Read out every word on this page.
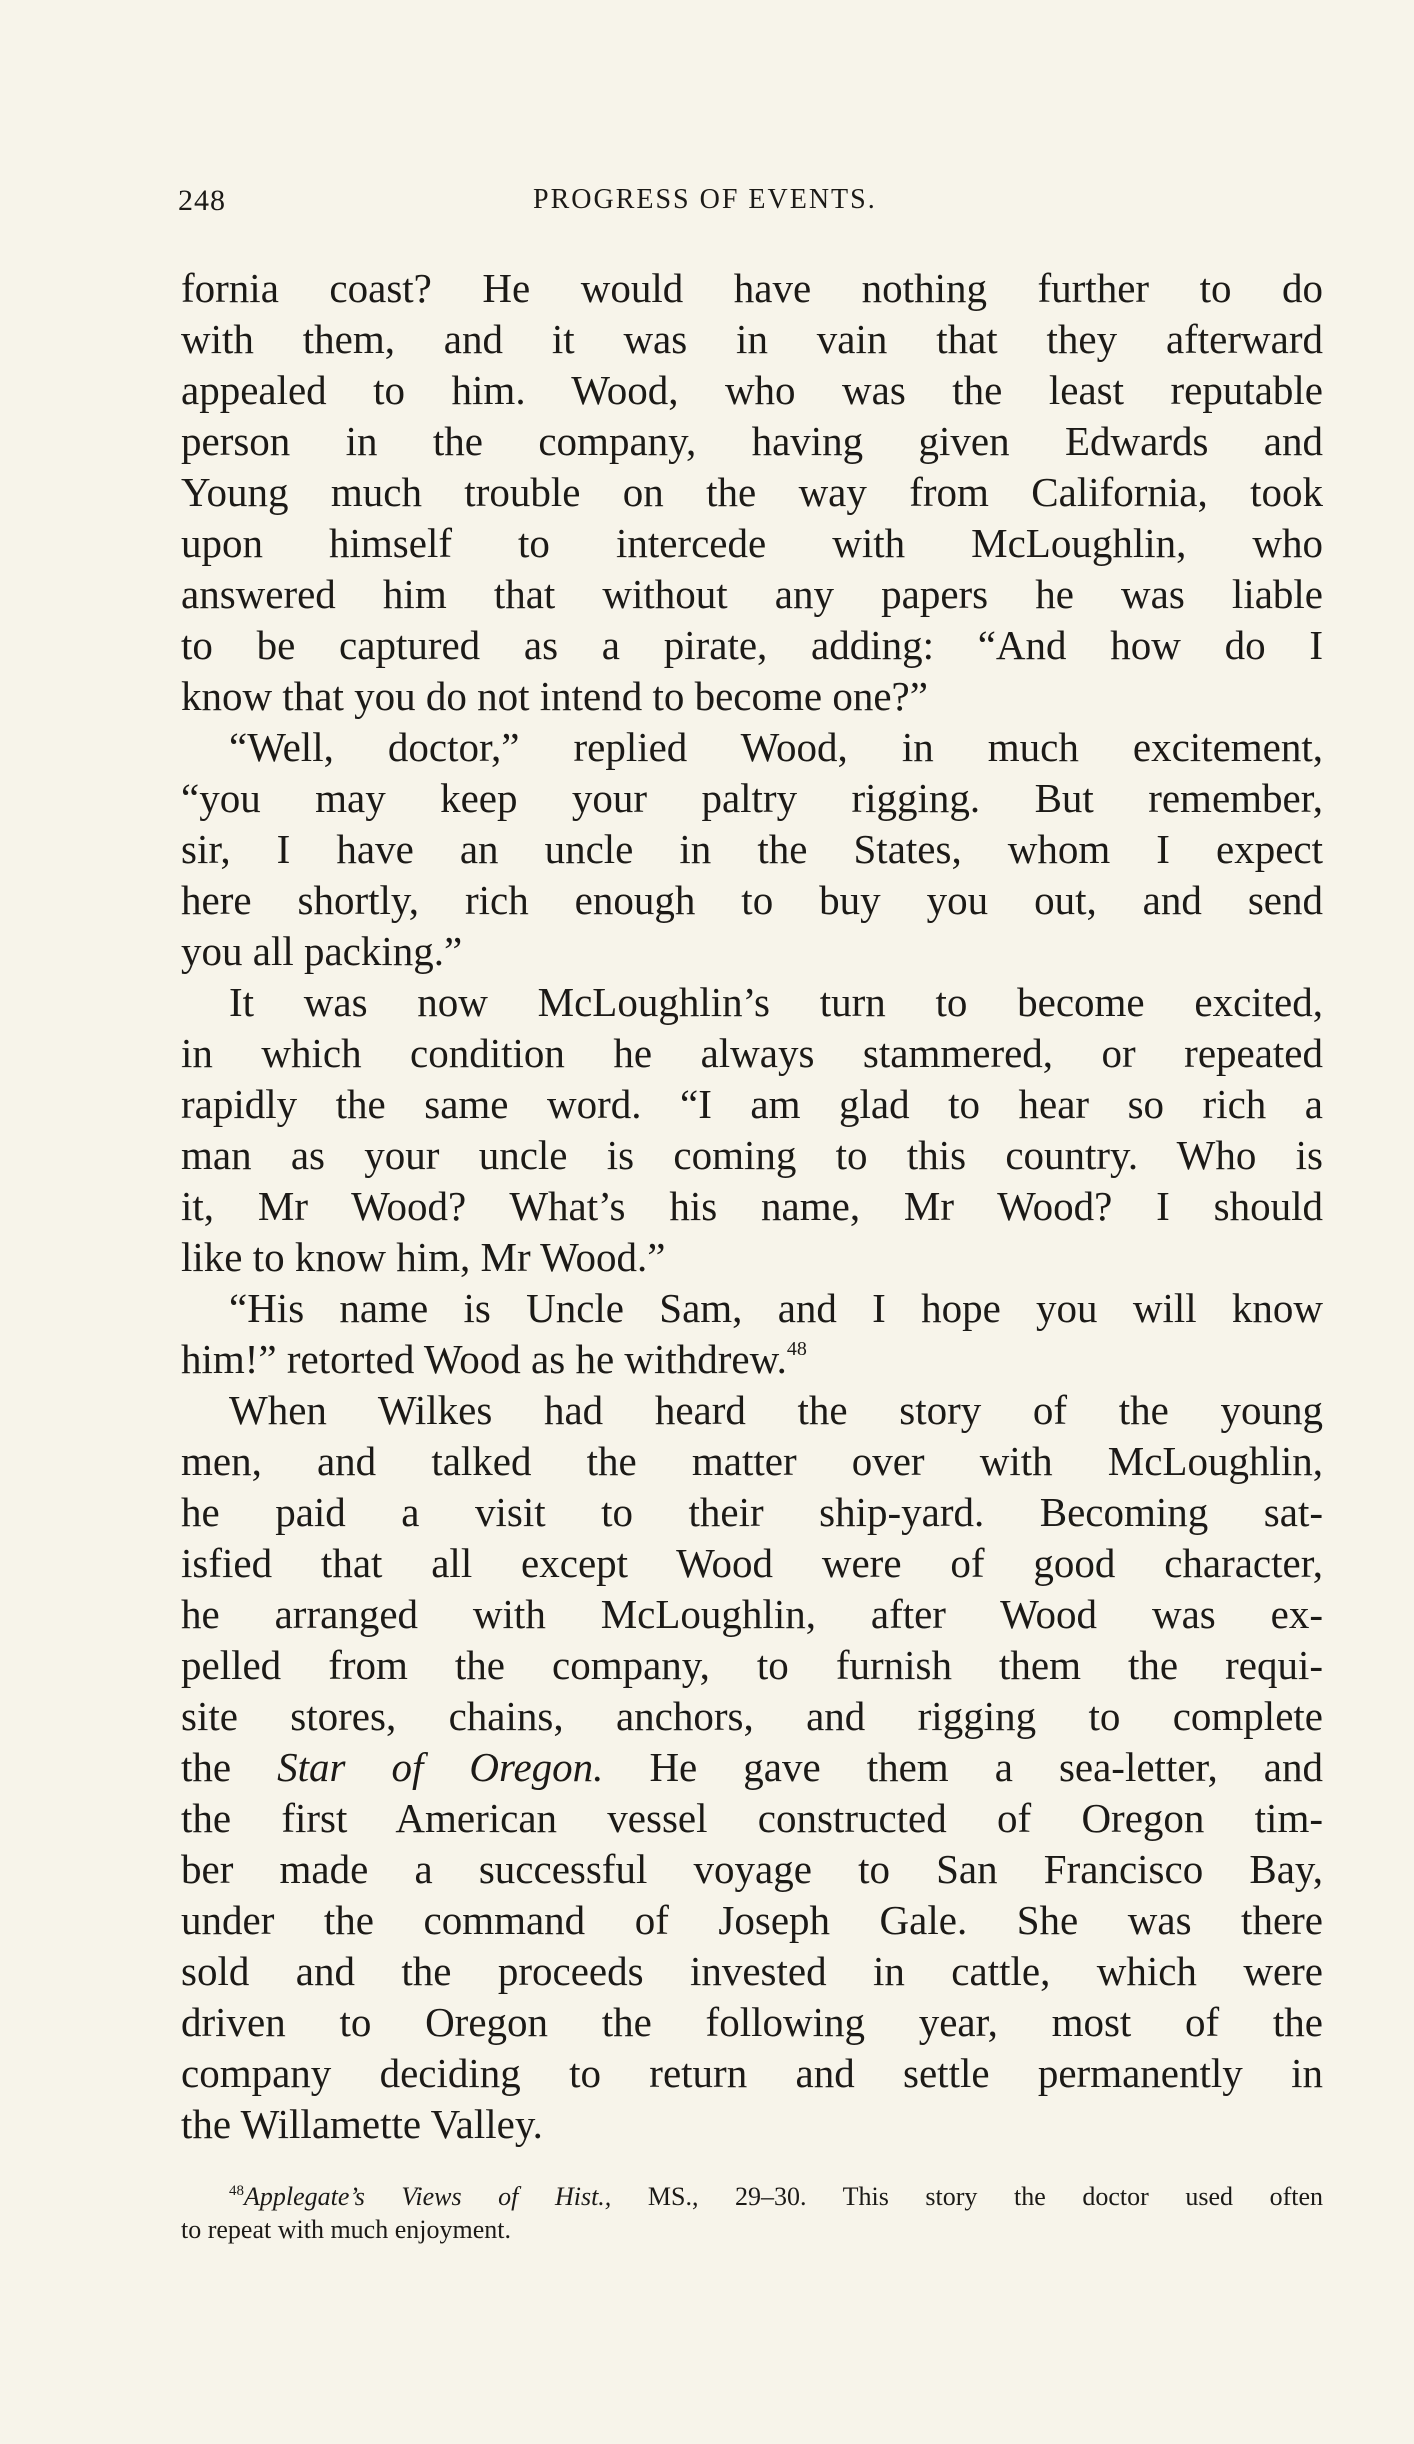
248	PROGRESS OF EVENTS.
fornia coast? He would have nothing further to do
with them, and it was in vain that they afterward
appealed to him. Wood, who was the least reputable
person in the company, having given Edwards and
Young much trouble on the way from California, took
upon himself to intercede with McLoughlin, who
answered him that without any papers he was liable
to be captured as a pirate, adding: “And how do I
know that you do not intend to become one?”
“Well, doctor,” replied Wood, in much excitement,
“you may keep your paltry rigging. But remember,
sir, I have an uncle in the States, whom I expect
here shortly, rich enough to buy you out, and send
you all packing.”
It was now McLoughlin’s turn to become excited,
in which condition he always stammered, or repeated
rapidly the same word. “I am glad to hear so rich a
man as your uncle is coming to this country. Who is
it, Mr Wood? What’s his name, Mr Wood? I should
like to know him, Mr Wood.”
“His name is Uncle Sam, and I hope you will know
him!” retorted Wood as he withdrew.$^{48}$
When Wilkes had heard the story of the young
men, and talked the matter over with McLoughlin,
he paid a visit to their ship-yard. Becoming sat-
isfied that all except Wood were of good character,
he arranged with McLoughlin, after Wood was ex-
pelled from the company, to furnish them the requi-
site stores, chains, anchors, and rigging to complete
the Star of Oregon. He gave them a sea-letter, and
the first American vessel constructed of Oregon tim-
ber made a successful voyage to San Francisco Bay,
under the command of Joseph Gale. She was there
sold and the proceeds invested in cattle, which were
driven to Oregon the following year, most of the
company deciding to return and settle permanently in
the Willamette Valley.
$^{48}$Applegate’s Views of Hist., MS., 29–30. This story the doctor used often
to repeat with much enjoyment.
